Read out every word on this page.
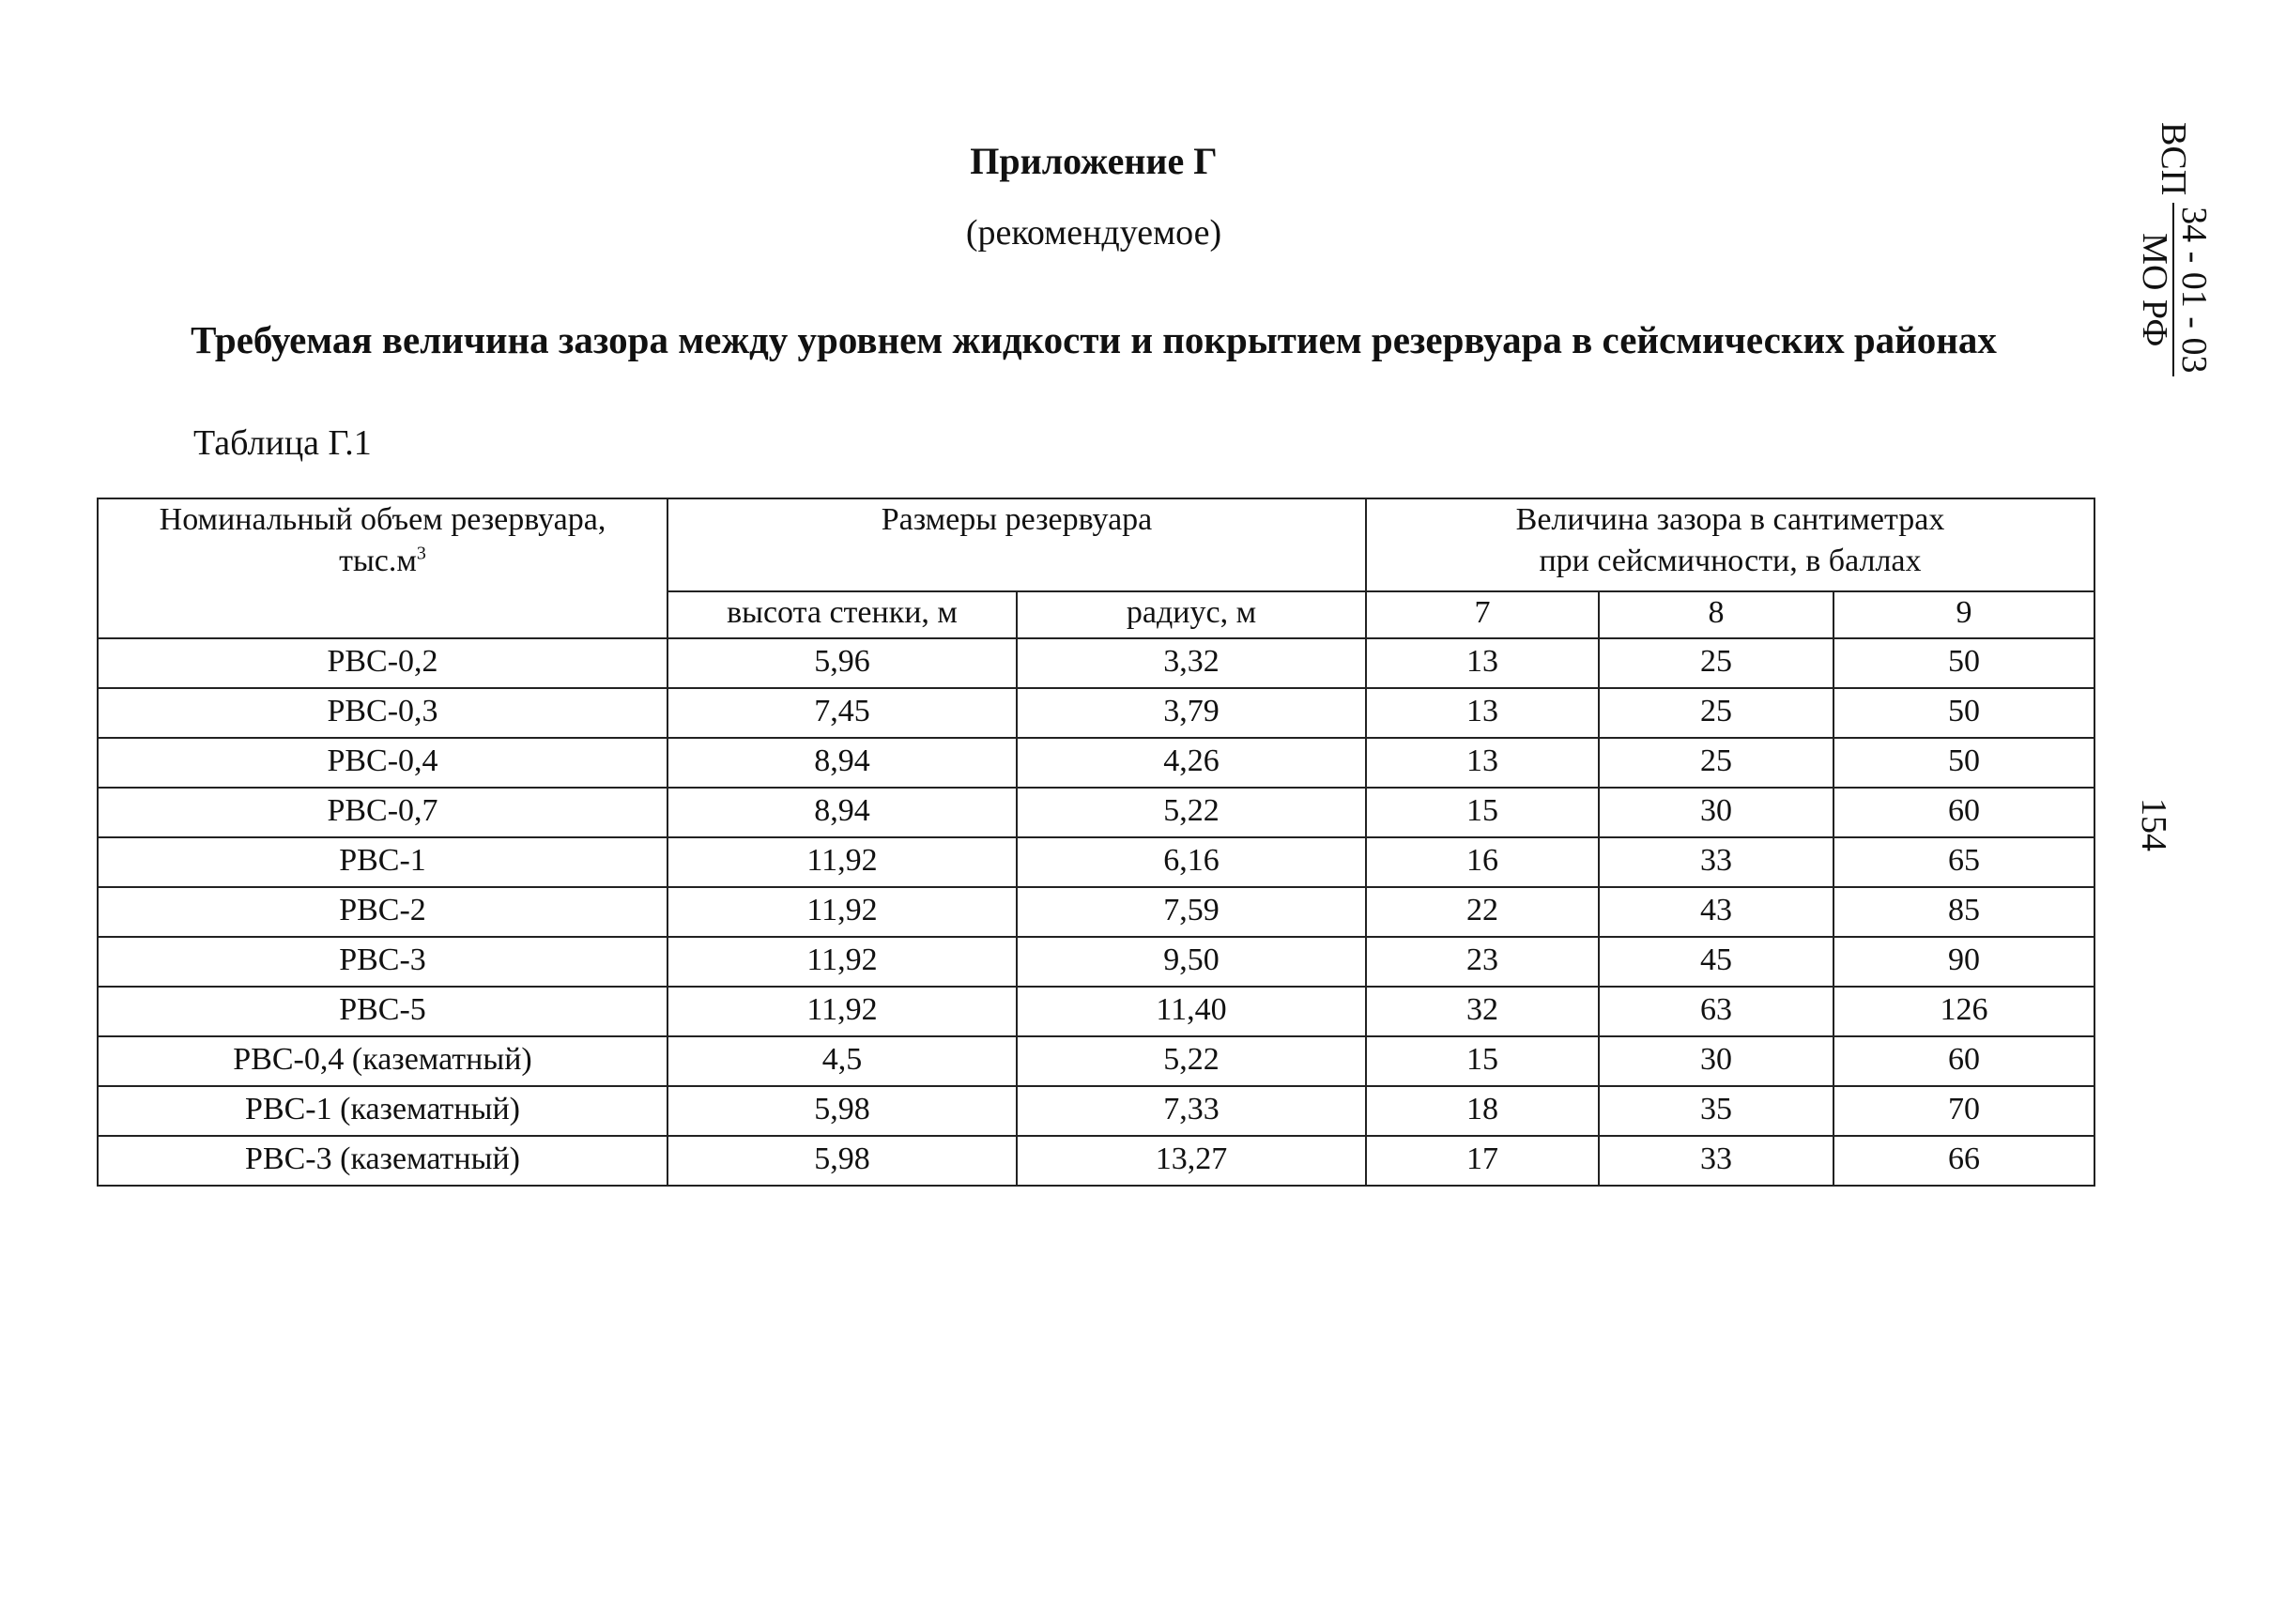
Приложение Г
(рекомендуемое)
Требуемая величина зазора между уровнем жидкости и покрытием резервуара в сейсмических районах
Таблица Г.1
ВСП
34 - 01 - 03
МО РФ
154
Номинальный объем резервуара,
$тыс.м^3$	Размеры резервуара		Величина зазора в сантиметрах
при сейсмичности, в баллах		
	высота стенки, м	радиус, м	7	8	9
РВС-0,2	5,96	3,32	13	25	50
РВС-0,3	7,45	3,79	13	25	50
РВС-0,4	8,94	4,26	13	25	50
РВС-0,7	8,94	5,22	15	30	60
РВС-1	11,92	6,16	16	33	65
РВС-2	11,92	7,59	22	43	85
РВС-3	11,92	9,50	23	45	90
РВС-5	11,92	11,40	32	63	126
РВС-0,4 (казематный)	4,5	5,22	15	30	60
РВС-1 (казематный)	5,98	7,33	18	35	70
РВС-3 (казематный)	5,98	13,27	17	33	66
